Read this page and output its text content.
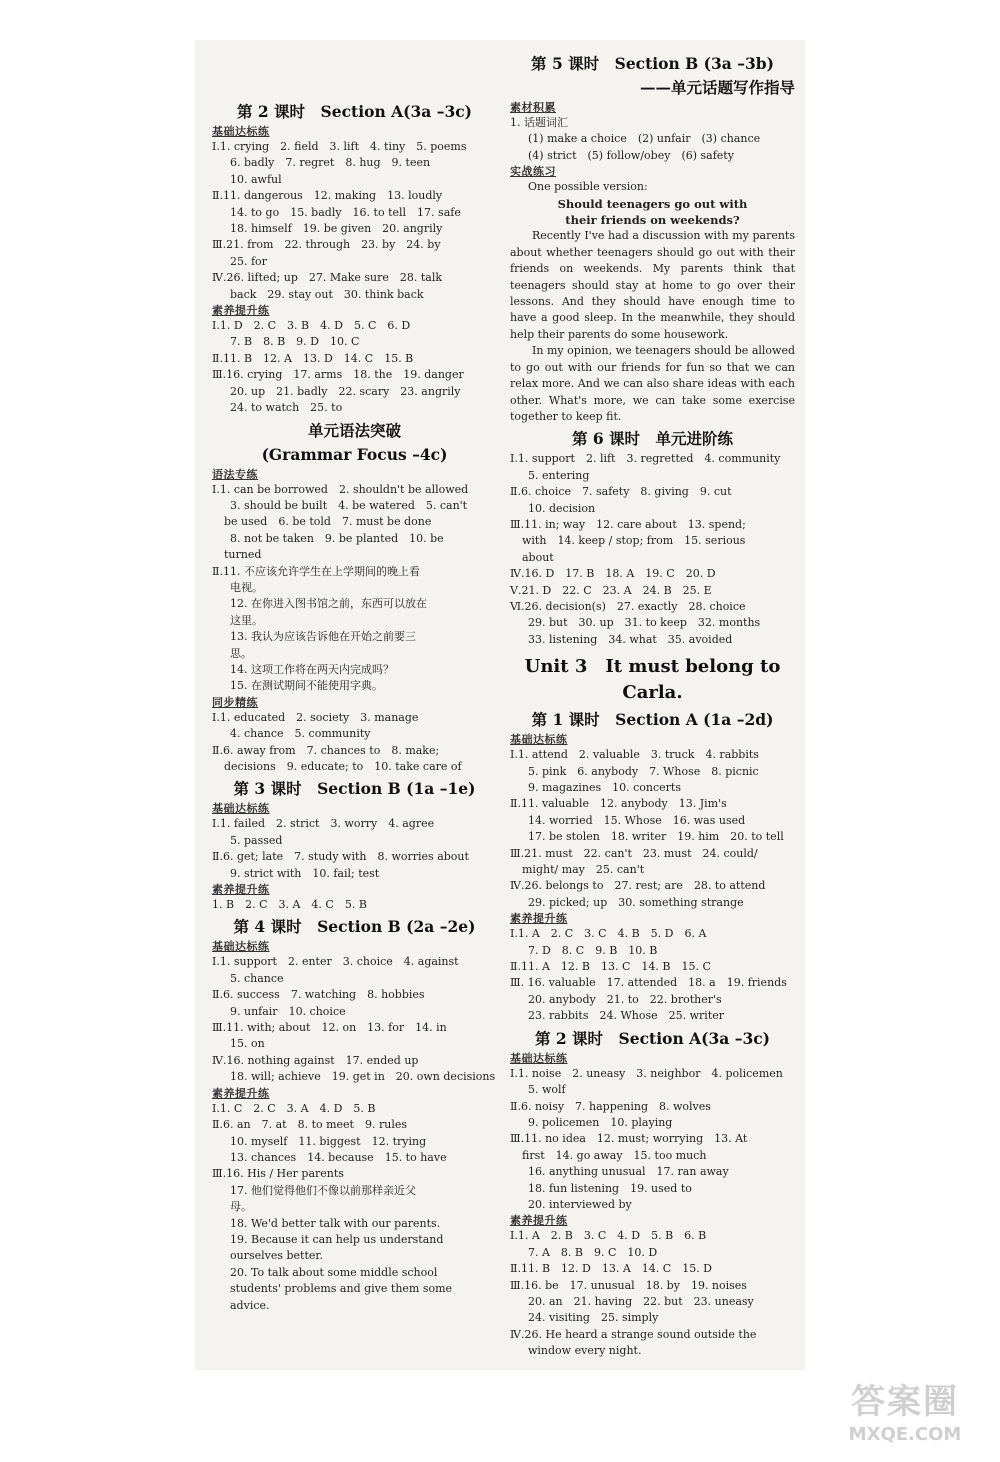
第 2 课时　Section A(3a –3c)
基础达标练
Ⅰ.1. crying　2. field　3. lift　4. tiny　5. poems
6. badly　7. regret　8. hug　9. teen
10. awful
Ⅱ.11. dangerous　12. making　13. loudly
14. to go　15. badly　16. to tell　17. safe
18. himself　19. be given　20. angrily
Ⅲ.21. from　22. through　23. by　24. by
25. for
Ⅳ.26. lifted; up　27. Make sure　28. talk
back　29. stay out　30. think back
素养提升练
Ⅰ.1. D　2. C　3. B　4. D　5. C　6. D
7. B　8. B　9. D　10. C
Ⅱ.11. B　12. A　13. D　14. C　15. B
Ⅲ.16. crying　17. arms　18. the　19. danger
20. up　21. badly　22. scary　23. angrily
24. to watch　25. to
单元语法突破
(Grammar Focus –4c)
语法专练
Ⅰ.1. can be borrowed　2. shouldn't be allowed
3. should be built　4. be watered　5. can't
be used　6. be told　7. must be done
8. not be taken　9. be planted　10. be
turned
Ⅱ.11. 不应该允许学生在上学期间的晚上看
电视。
12. 在你进入图书馆之前，东西可以放在
这里。
13. 我认为应该告诉他在开始之前要三
思。
14. 这项工作将在两天内完成吗？
15. 在测试期间不能使用字典。
同步精练
Ⅰ.1. educated　2. society　3. manage
4. chance　5. community
Ⅱ.6. away from　7. chances to　8. make;
decisions　9. educate; to　10. take care of
第 3 课时　Section B (1a –1e)
基础达标练
Ⅰ.1. failed　2. strict　3. worry　4. agree
5. passed
Ⅱ.6. get; late　7. study with　8. worries about
9. strict with　10. fail; test
素养提升练
1. B　2. C　3. A　4. C　5. B
第 4 课时　Section B (2a –2e)
基础达标练
Ⅰ.1. support　2. enter　3. choice　4. against
5. chance
Ⅱ.6. success　7. watching　8. hobbies
9. unfair　10. choice
Ⅲ.11. with; about　12. on　13. for　14. in
15. on
Ⅳ.16. nothing against　17. ended up
18. will; achieve　19. get in　20. own decisions
素养提升练
Ⅰ.1. C　2. C　3. A　4. D　5. B
Ⅱ.6. an　7. at　8. to meet　9. rules
10. myself　11. biggest　12. trying
13. chances　14. because　15. to have
Ⅲ.16. His / Her parents
17. 他们觉得他们不像以前那样亲近父
母。
18. We'd better talk with our parents.
19. Because it can help us understand
ourselves better.
20. To talk about some middle school
students' problems and give them some
advice.
第 5 课时　Section B (3a –3b)
——单元话题写作指导
素材积累
1. 话题词汇
(1) make a choice　(2) unfair　(3) chance
(4) strict　(5) follow/obey　(6) safety
实战练习
One possible version:
Should teenagers go out with
their friends on weekends?
Recently I've had a discussion with my parents about whether teenagers should go out with their friends on weekends. My parents think that teenagers should stay at home to go over their lessons. And they should have enough time to have a good sleep. In the meanwhile, they should help their parents do some housework.
In my opinion, we teenagers should be allowed to go out with our friends for fun so that we can relax more. And we can also share ideas with each other. What's more, we can take some exercise together to keep fit.
第 6 课时　单元进阶练
Ⅰ.1. support　2. lift　3. regretted　4. community
5. entering
Ⅱ.6. choice　7. safety　8. giving　9. cut
10. decision
Ⅲ.11. in; way　12. care about　13. spend;
with　14. keep / stop; from　15. serious
about
Ⅳ.16. D　17. B　18. A　19. C　20. D
Ⅴ.21. D　22. C　23. A　24. B　25. E
Ⅵ.26. decision(s)　27. exactly　28. choice
29. but　30. up　31. to keep　32. months
33. listening　34. what　35. avoided
Unit 3　It must belong to Carla.
第 1 课时　Section A (1a –2d)
基础达标练
Ⅰ.1. attend　2. valuable　3. truck　4. rabbits
5. pink　6. anybody　7. Whose　8. picnic
9. magazines　10. concerts
Ⅱ.11. valuable　12. anybody　13. Jim's
14. worried　15. Whose　16. was used
17. be stolen　18. writer　19. him　20. to tell
Ⅲ.21. must　22. can't　23. must　24. could/
might/ may　25. can't
Ⅳ.26. belongs to　27. rest; are　28. to attend
29. picked; up　30. something strange
素养提升练
Ⅰ.1. A　2. C　3. C　4. B　5. D　6. A
7. D　8. C　9. B　10. B
Ⅱ.11. A　12. B　13. C　14. B　15. C
Ⅲ. 16. valuable　17. attended　18. a　19. friends
20. anybody　21. to　22. brother's
23. rabbits　24. Whose　25. writer
第 2 课时　Section A(3a –3c)
基础达标练
Ⅰ.1. noise　2. uneasy　3. neighbor　4. policemen
5. wolf
Ⅱ.6. noisy　7. happening　8. wolves
9. policemen　10. playing
Ⅲ.11. no idea　12. must; worrying　13. At
first　14. go away　15. too much
16. anything unusual　17. ran away
18. fun listening　19. used to
20. interviewed by
素养提升练
Ⅰ.1. A　2. B　3. C　4. D　5. B　6. B
7. A　8. B　9. C　10. D
Ⅱ.11. B　12. D　13. A　14. C　15. D
Ⅲ.16. be　17. unusual　18. by　19. noises
20. an　21. having　22. but　23. uneasy
24. visiting　25. simply
Ⅳ.26. He heard a strange sound outside the
window every night.
答案圈
MXQE.COM
